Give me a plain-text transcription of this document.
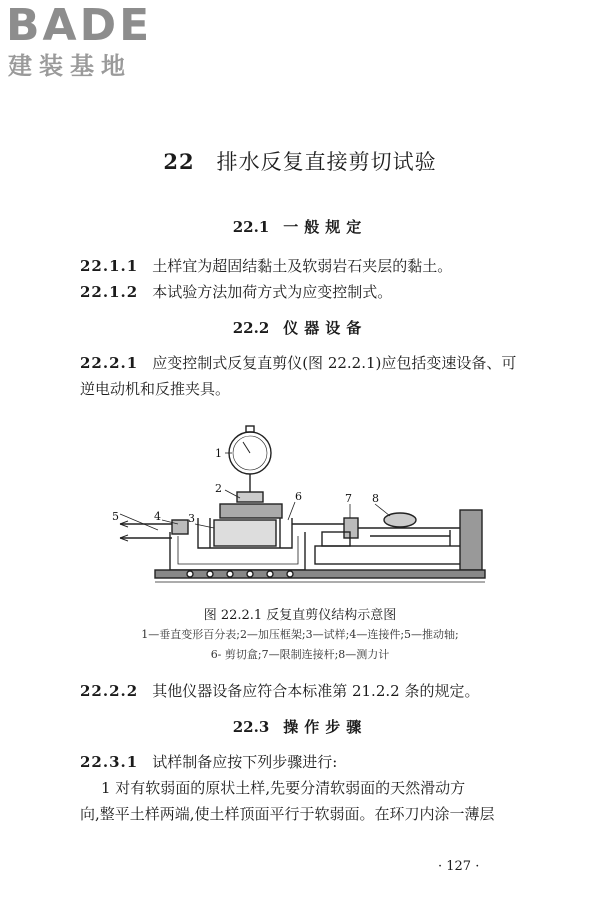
BADE
建装基地
22 排水反复直接剪切试验
22.1 一般规定
22.1.1 土样宜为超固结黏土及软弱岩石夹层的黏土。
22.1.2 本试验方法加荷方式为应变控制式。
22.2 仪器设备
22.2.1 应变控制式反复直剪仪(图 22.2.1)应包括变速设备、可
逆电动机和反推夹具。
1
2
3
4
5
6	7 8
图 22.2.1 反复直剪仪结构示意图
1—垂直变形百分表;2—加压框架;3—试样;4—连接件;5—推动轴;
6- 剪切盒;7—限制连接杆;8—测力计
22.2.2 其他仪器设备应符合本标准第 21.2.2 条的规定。
22.3 操作步骤
22.3.1 试样制备应按下列步骤进行:
1 对有软弱面的原状土样,先要分清软弱面的天然滑动方
向,整平土样两端,使土样顶面平行于软弱面。在环刀内涂一薄层
· 127 ·
